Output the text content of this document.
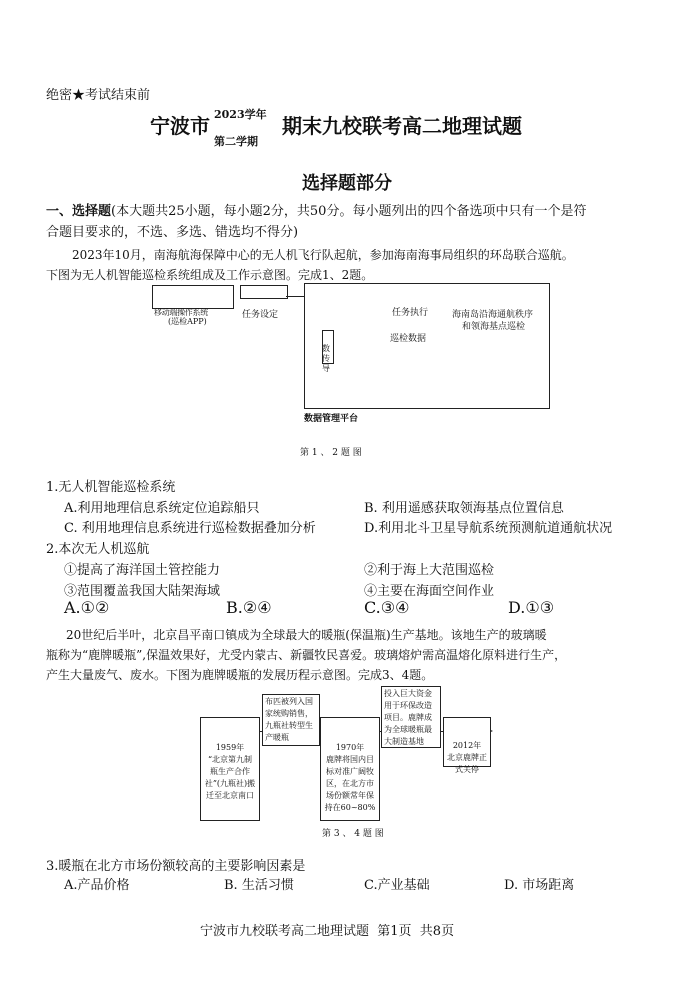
绝密★考试结束前
宁波市 2023学年
第二学期
期末九校联考高二地理试题
选择题部分
一、选择题(本大题共25小题，每小题2分，共50分。每小题列出的四个备选项中只有一个是符
合题目要求的，不选、多选、错选均不得分)
2023年10月，南海航海保障中心的无人机飞行队起航，参加海南海事局组织的环岛联合巡航。
下图为无人机智能巡检系统组成及工作示意图。完成1、2题。
移动端操作系统
(巡检APP)
任务设定
数
传
导
任务执行
巡检数据
海南岛沿海通航秩序
和领海基点巡检
数据管理平台
第 1 、 2 题 图
1.无人机智能巡检系统
A.利用地理信息系统定位追踪船只	B. 利用遥感获取领海基点位置信息
C. 利用地理信息系统进行巡检数据叠加分析	D.利用北斗卫星导航系统预测航道通航状况
2.本次无人机巡航
①提高了海洋国土管控能力	②利于海上大范围巡检
③范围覆盖我国大陆架海域	④主要在海面空间作业
A.①②	B.②④	C.③④	D.①③
20世纪后半叶，北京昌平南口镇成为全球最大的暖瓶(保温瓶)生产基地。该地生产的玻璃暖
瓶称为“鹿牌暖瓶”,保温效果好，尤受内蒙古、新疆牧民喜爱。玻璃熔炉需高温熔化原料进行生产，
产生大量废气、废水。下图为鹿牌暖瓶的发展历程示意图。完成3、4题。
1959年
“北京第九制瓶生产合作社”(九瓶社)搬迁至北京南口
布匹被列入国家统购销售，九瓶社转型生产暖瓶
1970年
鹿牌将国内目标对准广阔牧区，在北方市场份额常年保持在60~80%
投入巨大资金用于环保改造项目。鹿牌成为全球暖瓶最大制造基地	2012年
北京鹿牌正式关停
第 3 、 4 题 图
3.暖瓶在北方市场份额较高的主要影响因素是
A.产品价格	B. 生活习惯	C.产业基础	D. 市场距离
宁波市九校联考高二地理试题  第1页  共8页
